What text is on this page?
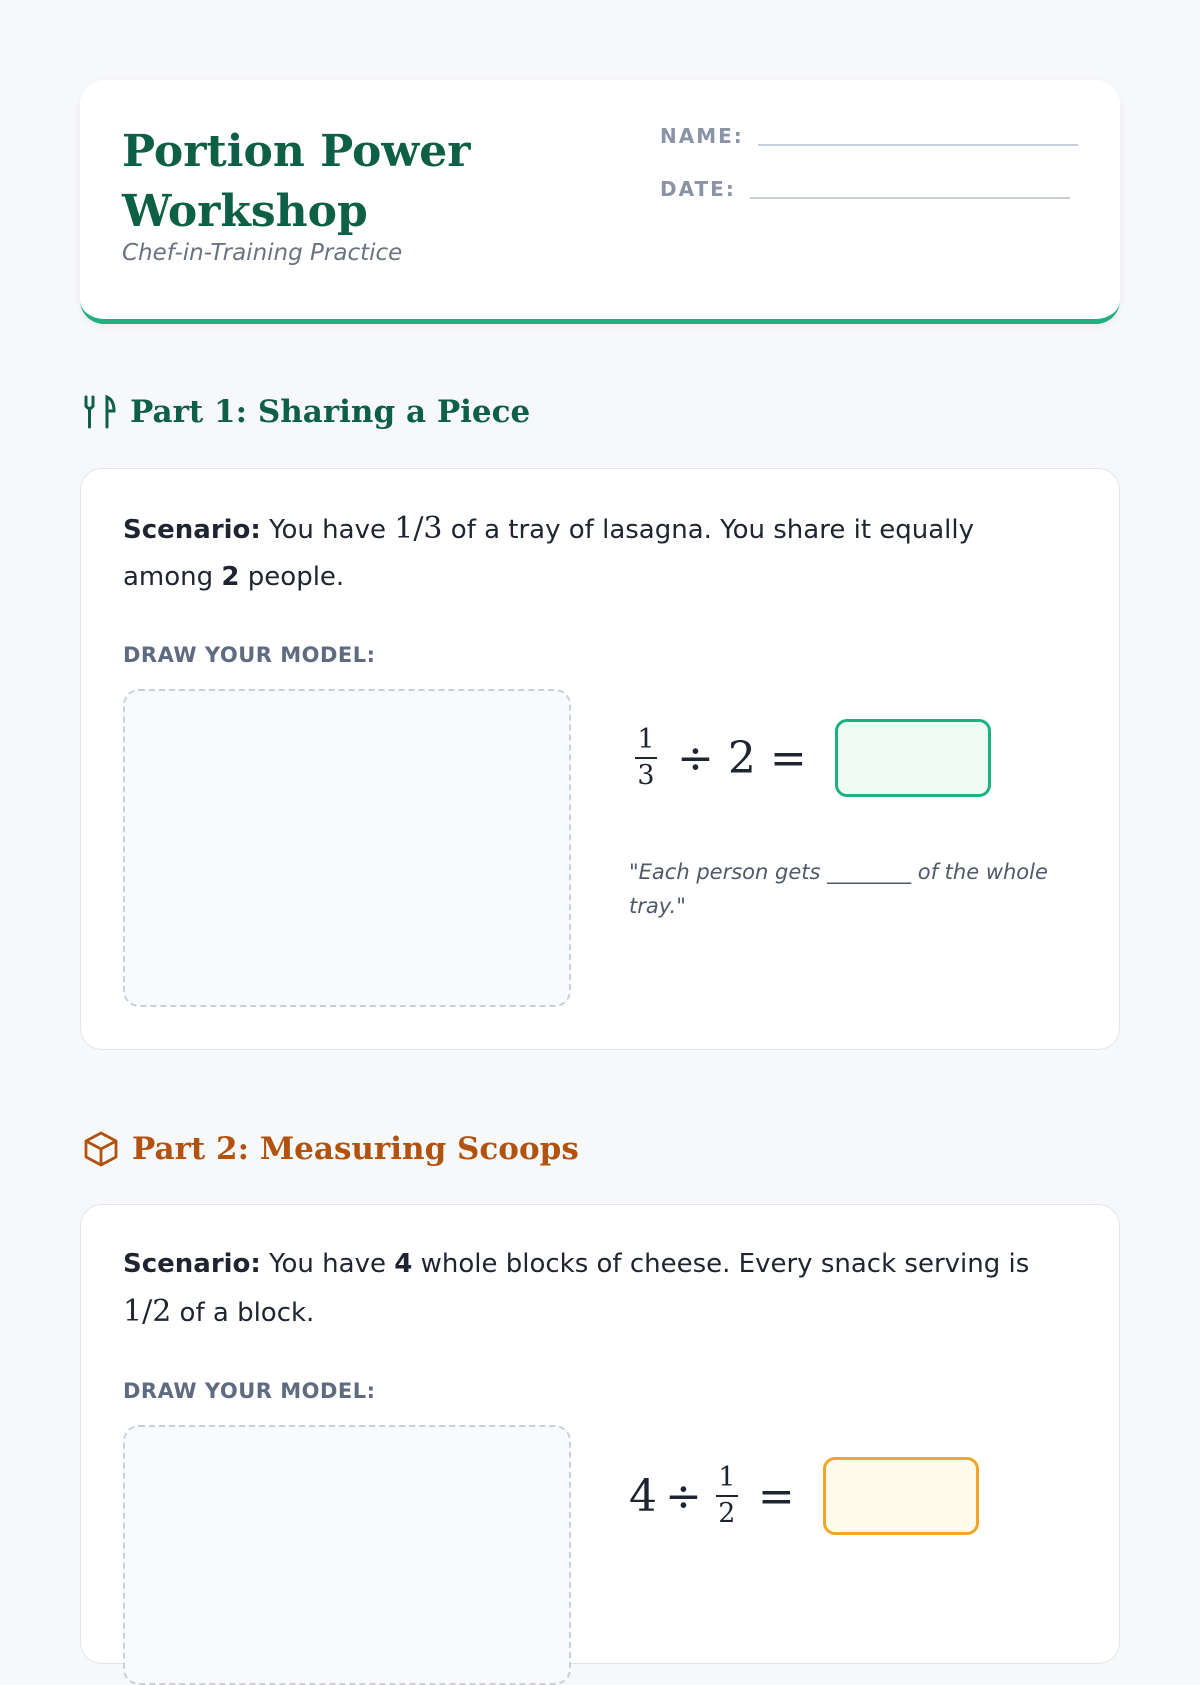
Portion Power Workshop
Chef-in-Training Practice
NAME:
DATE:
Part 1: Sharing a Piece
Scenario: You have 1/3 of a tray of lasagna. You share it equally among 2 people.
DRAW YOUR MODEL:
$\frac{1}{3} \div 2$ =
"Each person gets ________ of the whole tray."
Part 2: Measuring Scoops
Scenario: You have 4 whole blocks of cheese. Every snack serving is 1/2 of a block.
DRAW YOUR MODEL:
$4 \div \frac{1}{2}$ =
